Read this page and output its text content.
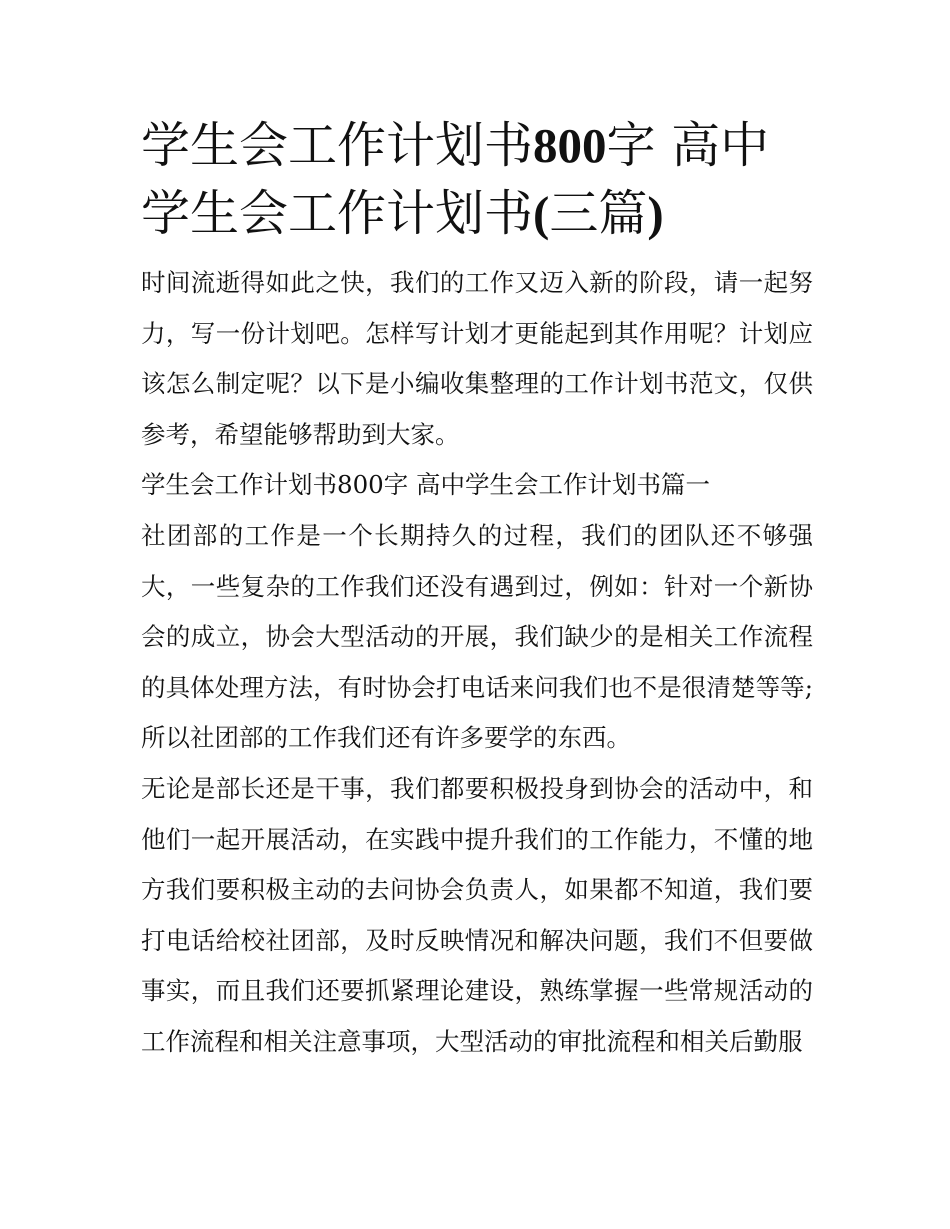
学生会工作计划书800字 高中学生会工作计划书(三篇)

时间流逝得如此之快，我们的工作又迈入新的阶段，请一起努力，写一份计划吧。怎样写计划才更能起到其作用呢？计划应该怎么制定呢？以下是小编收集整理的工作计划书范文，仅供参考，希望能够帮助到大家。

学生会工作计划书800字 高中学生会工作计划书篇一

社团部的工作是一个长期持久的过程，我们的团队还不够强大，一些复杂的工作我们还没有遇到过，例如：针对一个新协会的成立，协会大型活动的开展，我们缺少的是相关工作流程的具体处理方法，有时协会打电话来问我们也不是很清楚等等;所以社团部的工作我们还有许多要学的东西。

无论是部长还是干事，我们都要积极投身到协会的活动中，和他们一起开展活动，在实践中提升我们的工作能力，不懂的地方我们要积极主动的去问协会负责人，如果都不知道，我们要打电话给校社团部，及时反映情况和解决问题，我们不但要做事实，而且我们还要抓紧理论建设，熟练掌握一些常规活动的工作流程和相关注意事项，大型活动的审批流程和相关后勤服
